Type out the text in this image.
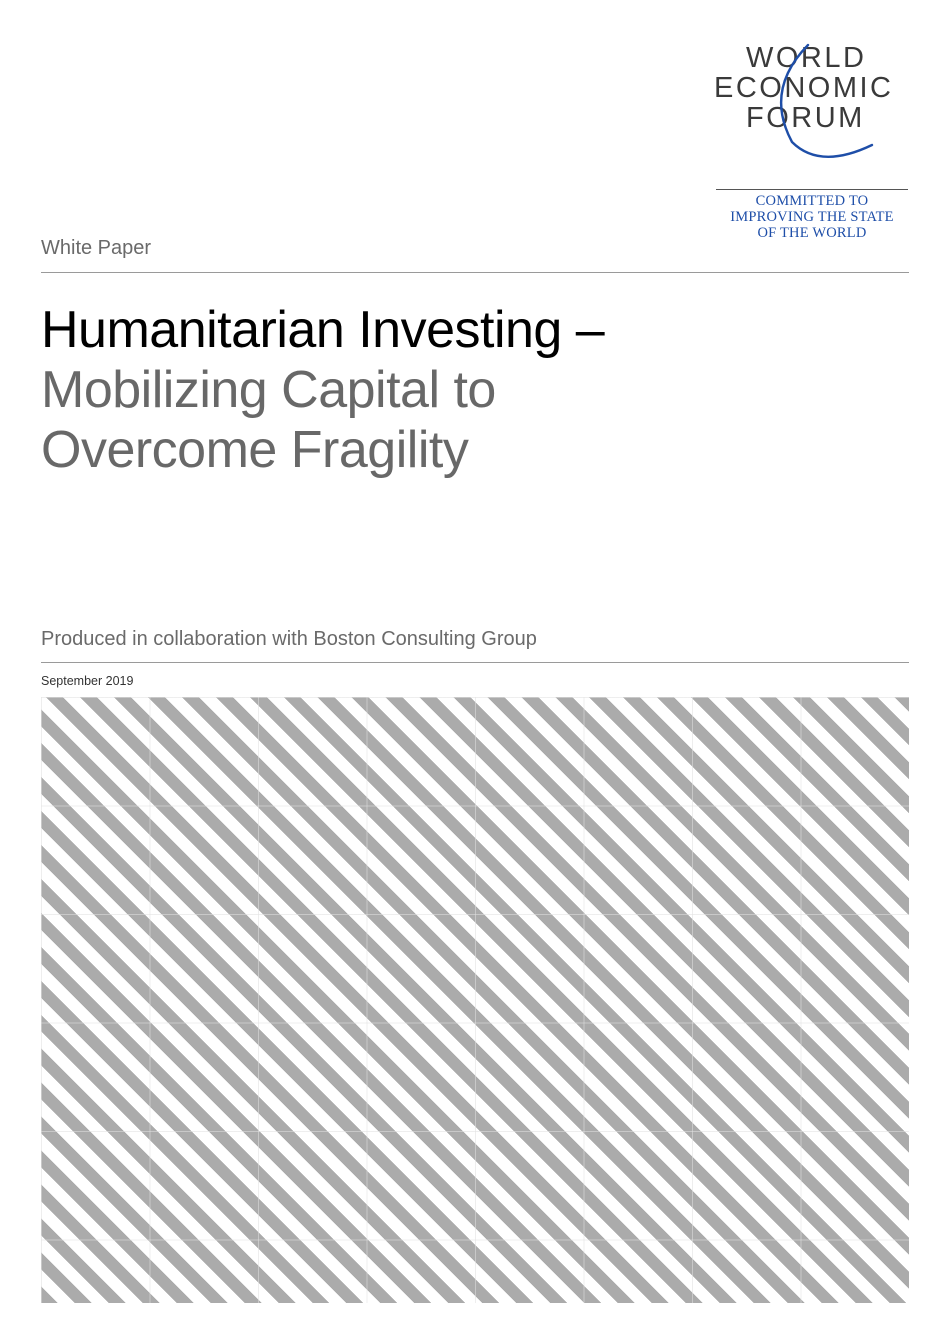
WORLD
ECONOMIC
FORUM
COMMITTED TO
IMPROVING THE STATE
OF THE WORLD
White Paper
Humanitarian Investing –
Mobilizing Capital to
Overcome Fragility
Produced in collaboration with Boston Consulting Group
September 2019
